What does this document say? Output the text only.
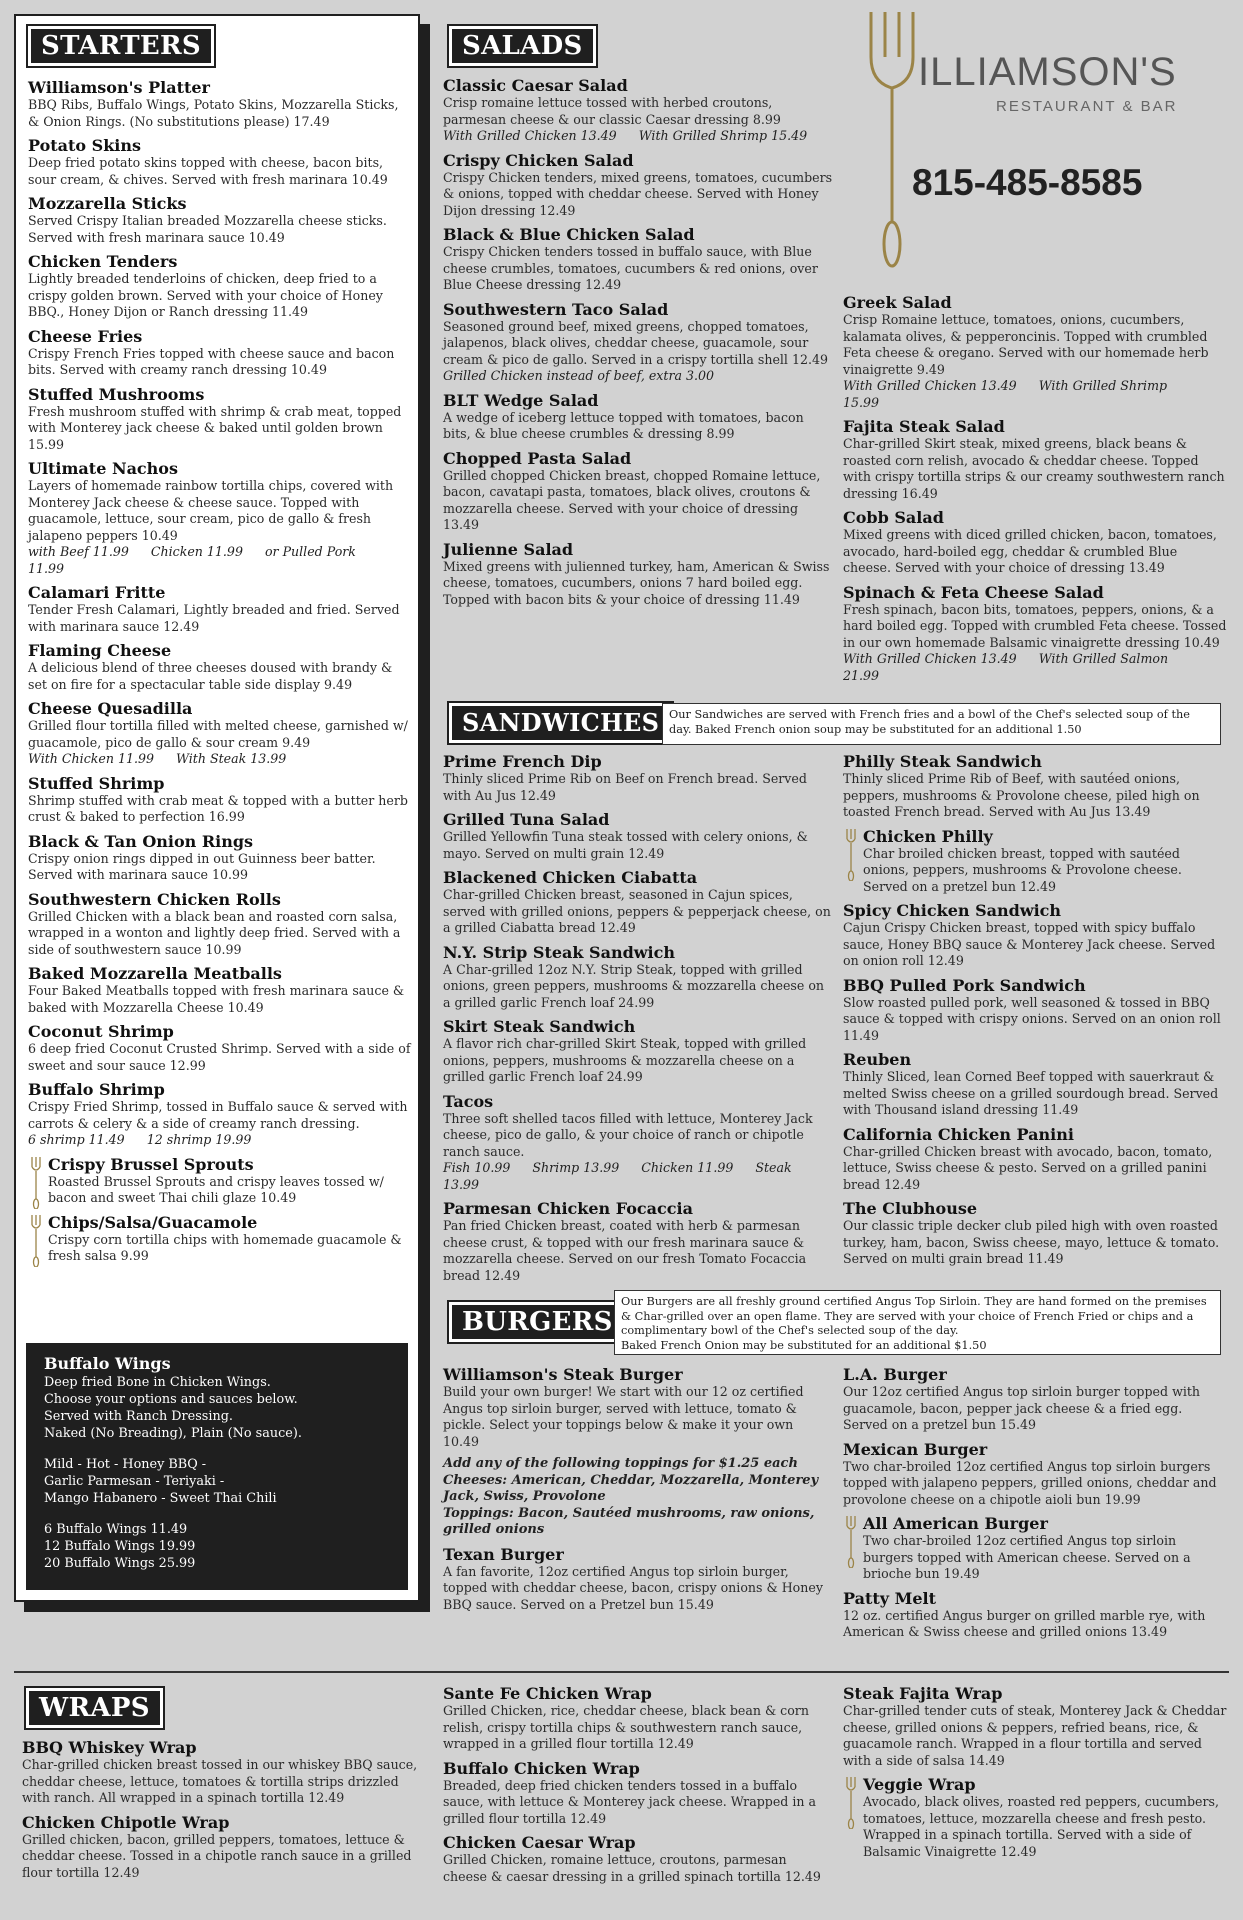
STARTERS

Williamson's Platter

BBQ Ribs, Buffalo Wings, Potato Skins, Mozzarella Sticks, & Onion Rings. (No substitutions please) 17.49

Potato Skins

Deep fried potato skins topped with cheese, bacon bits, sour cream, & chives. Served with fresh marinara 10.49

Mozzarella Sticks

Served Crispy Italian breaded Mozzarella cheese sticks. Served with fresh marinara sauce 10.49

Chicken Tenders

Lightly breaded tenderloins of chicken, deep fried to a crispy golden brown. Served with your choice of Honey BBQ., Honey Dijon or Ranch dressing 11.49

Cheese Fries

Crispy French Fries topped with cheese sauce and bacon bits. Served with creamy ranch dressing 10.49

Stuffed Mushrooms

Fresh mushroom stuffed with shrimp & crab meat, topped with Monterey jack cheese & baked until golden brown 15.99

Ultimate Nachos

Layers of homemade rainbow tortilla chips, covered with Monterey Jack cheese & cheese sauce. Topped with guacamole, lettuce, sour cream, pico de gallo & fresh jalapeno peppers 10.49

with Beef 11.99 Chicken 11.99 or Pulled Pork 11.99

Calamari Fritte

Tender Fresh Calamari, Lightly breaded and fried. Served with marinara sauce 12.49

Flaming Cheese

A delicious blend of three cheeses doused with brandy & set on fire for a spectacular table side display 9.49

Cheese Quesadilla

Grilled flour tortilla filled with melted cheese, garnished w/ guacamole, pico de gallo & sour cream 9.49

With Chicken 11.99 With Steak 13.99

Stuffed Shrimp

Shrimp stuffed with crab meat & topped with a butter herb crust & baked to perfection 16.99

Black & Tan Onion Rings

Crispy onion rings dipped in out Guinness beer batter. Served with marinara sauce 10.99

Southwestern Chicken Rolls

Grilled Chicken with a black bean and roasted corn salsa, wrapped in a wonton and lightly deep fried. Served with a side of southwestern sauce 10.99

Baked Mozzarella Meatballs

Four Baked Meatballs topped with fresh marinara sauce & baked with Mozzarella Cheese 10.49

Coconut Shrimp

6 deep fried Coconut Crusted Shrimp. Served with a side of sweet and sour sauce 12.99

Buffalo Shrimp

Crispy Fried Shrimp, tossed in Buffalo sauce & served with carrots & celery & a side of creamy ranch dressing.

6 shrimp 11.49 12 shrimp 19.99

Crispy Brussel Sprouts

Roasted Brussel Sprouts and crispy leaves tossed w/ bacon and sweet Thai chili glaze 10.49

Chips/Salsa/Guacamole

Crispy corn tortilla chips with homemade guacamole & fresh salsa 9.99

Buffalo Wings

Deep fried Bone in Chicken Wings.

Choose your options and sauces below.

Served with Ranch Dressing.

Naked (No Breading), Plain (No sauce).

Mild - Hot - Honey BBQ -

Garlic Parmesan - Teriyaki -

Mango Habanero - Sweet Thai Chili

6 Buffalo Wings 11.49

12 Buffalo Wings 19.99

20 Buffalo Wings 25.99

ILLIAMSON'S
RESTAURANT & BAR
815-485-8585
SALADS

Classic Caesar Salad

Crisp romaine lettuce tossed with herbed croutons, parmesan cheese & our classic Caesar dressing 8.99

With Grilled Chicken 13.49 With Grilled Shrimp 15.49

Crispy Chicken Salad

Crispy Chicken tenders, mixed greens, tomatoes, cucumbers & onions, topped with cheddar cheese. Served with Honey Dijon dressing 12.49

Black & Blue Chicken Salad

Crispy Chicken tenders tossed in buffalo sauce, with Blue cheese crumbles, tomatoes, cucumbers & red onions, over Blue Cheese dressing 12.49

Southwestern Taco Salad

Seasoned ground beef, mixed greens, chopped tomatoes, jalapenos, black olives, cheddar cheese, guacamole, sour cream & pico de gallo. Served in a crispy tortilla shell 12.49

Grilled Chicken instead of beef, extra 3.00

BLT Wedge Salad

A wedge of iceberg lettuce topped with tomatoes, bacon bits, & blue cheese crumbles & dressing 8.99

Chopped Pasta Salad

Grilled chopped Chicken breast, chopped Romaine lettuce, bacon, cavatapi pasta, tomatoes, black olives, croutons & mozzarella cheese. Served with your choice of dressing 13.49

Julienne Salad

Mixed greens with julienned turkey, ham, American & Swiss cheese, tomatoes, cucumbers, onions 7 hard boiled egg. Topped with bacon bits & your choice of dressing 11.49

Greek Salad

Crisp Romaine lettuce, tomatoes, onions, cucumbers, kalamata olives, & pepperoncinis. Topped with crumbled Feta cheese & oregano. Served with our homemade herb vinaigrette 9.49

With Grilled Chicken 13.49 With Grilled Shrimp 15.99

Fajita Steak Salad

Char-grilled Skirt steak, mixed greens, black beans & roasted corn relish, avocado & cheddar cheese. Topped with crispy tortilla strips & our creamy southwestern ranch dressing 16.49

Cobb Salad

Mixed greens with diced grilled chicken, bacon, tomatoes, avocado, hard-boiled egg, cheddar & crumbled Blue cheese. Served with your choice of dressing 13.49

Spinach & Feta Cheese Salad

Fresh spinach, bacon bits, tomatoes, peppers, onions, & a hard boiled egg. Topped with crumbled Feta cheese. Tossed in our own homemade Balsamic vinaigrette dressing 10.49

With Grilled Chicken 13.49 With Grilled Salmon 21.99

SANDWICHES Our Sandwiches are served with French fries and a bowl of the Chef's selected soup of the day. Baked French onion soup may be substituted for an additional 1.50

Prime French Dip

Thinly sliced Prime Rib on Beef on French bread. Served with Au Jus 12.49

Grilled Tuna Salad

Grilled Yellowfin Tuna steak tossed with celery onions, & mayo. Served on multi grain 12.49

Blackened Chicken Ciabatta

Char-grilled Chicken breast, seasoned in Cajun spices, served with grilled onions, peppers & pepperjack cheese, on a grilled Ciabatta bread 12.49

N.Y. Strip Steak Sandwich

A Char-grilled 12oz N.Y. Strip Steak, topped with grilled onions, green peppers, mushrooms & mozzarella cheese on a grilled garlic French loaf 24.99

Skirt Steak Sandwich

A flavor rich char-grilled Skirt Steak, topped with grilled onions, peppers, mushrooms & mozzarella cheese on a grilled garlic French loaf 24.99

Tacos

Three soft shelled tacos filled with lettuce, Monterey Jack cheese, pico de gallo, & your choice of ranch or chipotle ranch sauce.

Fish 10.99 Shrimp 13.99 Chicken 11.99 Steak 13.99

Parmesan Chicken Focaccia

Pan fried Chicken breast, coated with herb & parmesan cheese crust, & topped with our fresh marinara sauce & mozzarella cheese. Served on our fresh Tomato Focaccia bread 12.49

Philly Steak Sandwich

Thinly sliced Prime Rib of Beef, with sautéed onions, peppers, mushrooms & Provolone cheese, piled high on toasted French bread. Served with Au Jus 13.49

Chicken Philly

Char broiled chicken breast, topped with sautéed onions, peppers, mushrooms & Provolone cheese. Served on a pretzel bun 12.49

Spicy Chicken Sandwich

Cajun Crispy Chicken breast, topped with spicy buffalo sauce, Honey BBQ sauce & Monterey Jack cheese. Served on onion roll 12.49

BBQ Pulled Pork Sandwich

Slow roasted pulled pork, well seasoned & tossed in BBQ sauce & topped with crispy onions. Served on an onion roll 11.49

Reuben

Thinly Sliced, lean Corned Beef topped with sauerkraut & melted Swiss cheese on a grilled sourdough bread. Served with Thousand island dressing 11.49

California Chicken Panini

Char-grilled Chicken breast with avocado, bacon, tomato, lettuce, Swiss cheese & pesto. Served on a grilled panini bread 12.49

The Clubhouse

Our classic triple decker club piled high with oven roasted turkey, ham, bacon, Swiss cheese, mayo, lettuce & tomato. Served on multi grain bread 11.49

BURGERS
Our Burgers are all freshly ground certified Angus Top Sirloin. They are hand formed on the premises & Char-grilled over an open flame. They are served with your choice of French Fried or chips and a complimentary bowl of the Chef's selected soup of the day.
Baked French Onion may be substituted for an additional $1.50

Williamson's Steak Burger

Build your own burger! We start with our 12 oz certified Angus top sirloin burger, served with lettuce, tomato & pickle. Select your toppings below & make it your own 10.49

Add any of the following toppings for $1.25 each
Cheeses: American, Cheddar, Mozzarella, Monterey Jack, Swiss, Provolone
Toppings: Bacon, Sautéed mushrooms, raw onions, grilled onions

Texan Burger

A fan favorite, 12oz certified Angus top sirloin burger, topped with cheddar cheese, bacon, crispy onions & Honey BBQ sauce. Served on a Pretzel bun 15.49

L.A. Burger

Our 12oz certified Angus top sirloin burger topped with guacamole, bacon, pepper jack cheese & a fried egg. Served on a pretzel bun 15.49

Mexican Burger

Two char-broiled 12oz certified Angus top sirloin burgers topped with jalapeno peppers, grilled onions, cheddar and provolone cheese on a chipotle aioli bun 19.99

All American Burger

Two char-broiled 12oz certified Angus top sirloin burgers topped with American cheese. Served on a brioche bun 19.49

Patty Melt

12 oz. certified Angus burger on grilled marble rye, with American & Swiss cheese and grilled onions 13.49

WRAPS

BBQ Whiskey Wrap

Char-grilled chicken breast tossed in our whiskey BBQ sauce, cheddar cheese, lettuce, tomatoes & tortilla strips drizzled with ranch. All wrapped in a spinach tortilla 12.49

Chicken Chipotle Wrap

Grilled chicken, bacon, grilled peppers, tomatoes, lettuce & cheddar cheese. Tossed in a chipotle ranch sauce in a grilled flour tortilla 12.49

Sante Fe Chicken Wrap

Grilled Chicken, rice, cheddar cheese, black bean & corn relish, crispy tortilla chips & southwestern ranch sauce, wrapped in a grilled flour tortilla 12.49

Buffalo Chicken Wrap

Breaded, deep fried chicken tenders tossed in a buffalo sauce, with lettuce & Monterey jack cheese. Wrapped in a grilled flour tortilla 12.49

Chicken Caesar Wrap

Grilled Chicken, romaine lettuce, croutons, parmesan cheese & caesar dressing in a grilled spinach tortilla 12.49

Steak Fajita Wrap

Char-grilled tender cuts of steak, Monterey Jack & Cheddar cheese, grilled onions & peppers, refried beans, rice, & guacamole ranch. Wrapped in a flour tortilla and served with a side of salsa 14.49

Veggie Wrap

Avocado, black olives, roasted red peppers, cucumbers, tomatoes, lettuce, mozzarella cheese and fresh pesto. Wrapped in a spinach tortilla. Served with a side of Balsamic Vinaigrette 12.49
